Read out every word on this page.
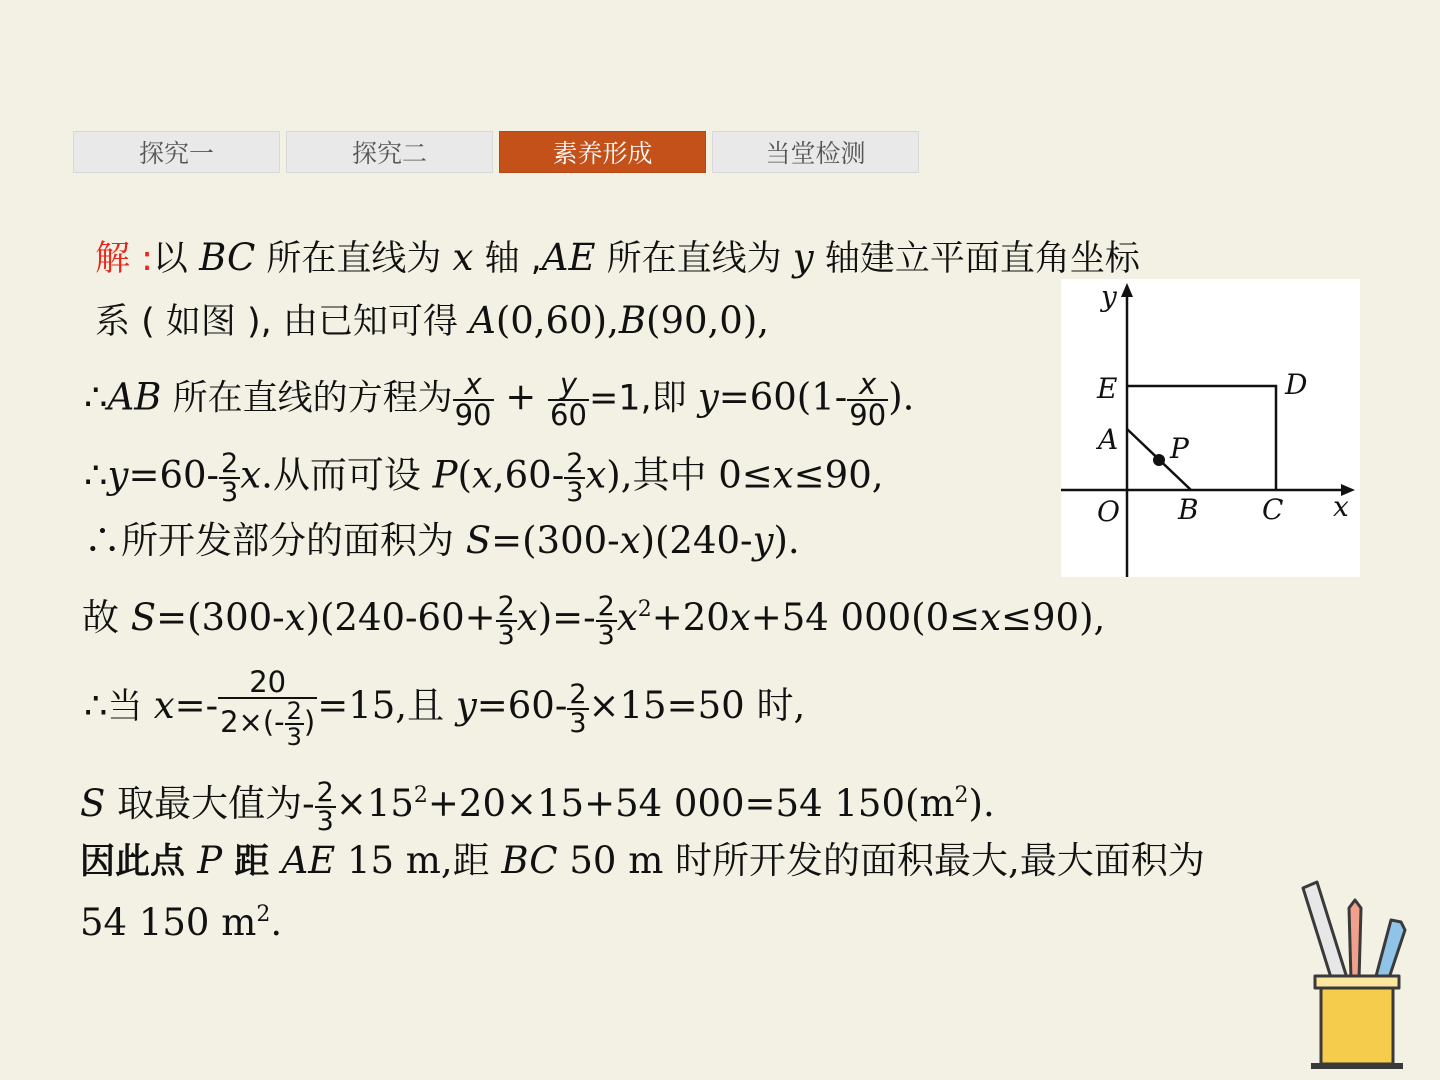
探究一	探究二	素养形成	当堂检测
解 :以 BC 所在直线为 x 轴 ,AE 所在直线为 y 轴建立平面直角坐标
系 ( 如图 ), 由已知可得 A(0,60),B(90,0),
∴AB 所在直线的方程为 $\frac{x}{90} + \frac{y}{60} =1$,即 $y=60(1- \frac{x}{90}$ ).
∴y=60- $\frac{2}{3} x$.从而可设 $P(x,60- \frac{2}{3} x)$,其中 0≤x≤90,
∴所开发部分的面积为 S=(300-x)(240-y).
故 $S=(300-x)(240-60+ \frac{2}{3} x)=- \frac{2}{3} x^2+20x+54$ 000(0≤x≤90),
∴当 $x=- \frac{20}{2\times(- \frac{2}{3} )} =15$,且 $y=60- \frac{2}{3} \times 15=50$ 时,
S 取最大值为- $\frac{2}{3} \times 15^2+20\times 15+54$ 000=54 $150(m^2)$.
因此点 P 距 AE 15 m,距 BC 50 m 时所开发的面积最大,最大面积为
54 150 $m^2$.
y
x
E	D
A P
O B C
